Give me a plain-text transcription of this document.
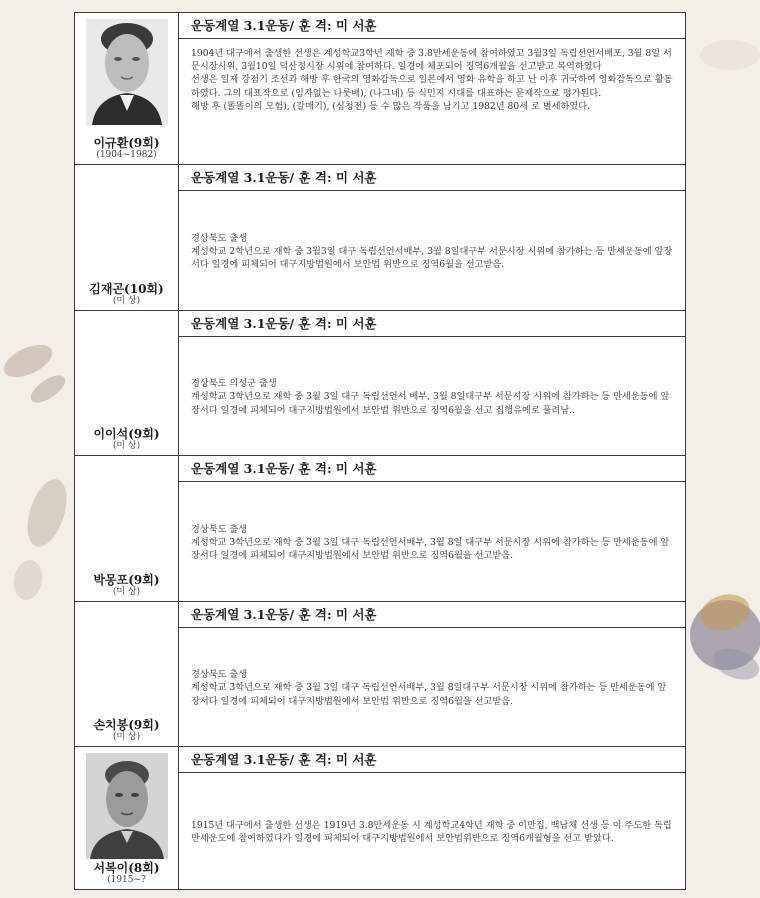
이규환(9회)
(1904~1982)
운동계열 3.1운동/ 훈 격: 미 서훈

1904년 대구에서 출생한 선생은 계성학교3학년 재학 중 3.8만세운동에 참여하였고 3월3일 독립선언서배포, 3월 8일 서문시장시위, 3월10일 덕산정시장 시위에 참여하다. 일경에 체포되어 징역6개월을 선고받고 복역하였다

선생은 일제 강점기 조선과 해방 후 한국의 영화감독으로 일본에서 영화 유학을 하고 난 이후 귀국하여 영화감독으로 활동하였다. 그의 대표작으로 (임자없는 나룻배), (나그네) 등 식민지 시대를 대표하는 문제작으로 평가된다.

해방 후 (똘똘이의 모험), (갈매기), (심청전) 등 수 많은 작품을 남기고 1982년 80세 로 별세하였다.

김재곤(10회)
(미 상)
운동계열 3.1운동/ 훈 격: 미 서훈

경상북도 출생

계성학교 2학년으로 재학 중 3월3일 대구 독립선언서배부, 3월 8일대구부 서문시장 시위에 참가하는 등 만세운동에 앞장서다 일경에 피체되어 대구지방법원에서 보안법 위반으로 징역6월을 선고받음.

이이석(9회)
(미 상)
운동계열 3.1운동/ 훈 격: 미 서훈

경상북도 의성군 출생

계성학교 3학년으로 재학 중 3월 3일 대구 독립선언서 배부, 3월 8일대구부 서문시장 시위에 참가하는 등 만세운동에 앞장서다 일경에 피체되어 대구지방법원에서 보안법 위반으로 징역6월을 선고 집행유예로 풀려남..

박몽포(9회)
(미 상)
운동계열 3.1운동/ 훈 격: 미 서훈

경상북도 출생

계성학교 3학년으로 재학 중 3월 3일 대구 독립선언서배부, 3월 8일 대구부 서문시장 시위에 참가하는 등 만세운동에 앞장서다 일경에 피체되어 대구지방법원에서 보안법 위반으로 징역6월을 선고받음.

손치봉(9회)
(미 상)
운동계열 3.1운동/ 훈 격: 미 서훈

경상북도 출생

계성학교 3학년으로 재학 중 3월 3일 대구 독립선언서배부, 3월 8일대구부 서문시장 시위에 참가하는 등 만세운동에 앞장서다 일경에 피체되어 대구지방법원에서 보안법 위반으로 징역6월을 선고받음.

서복이(8회)
(1915~?
운동계열 3.1운동/ 훈 격: 미 서훈

1915년 대구에서 출생한 선생은 1919년 3.8만세운동 시 계성학교4학년 재학 중 이만집, 백남채 선생 등 이 주도한 독립 만세운도에 참여하였다가 일경에 피체되어 대구지방법원에서 보안법위반으로 징역6개월형을 선고 받았다.
